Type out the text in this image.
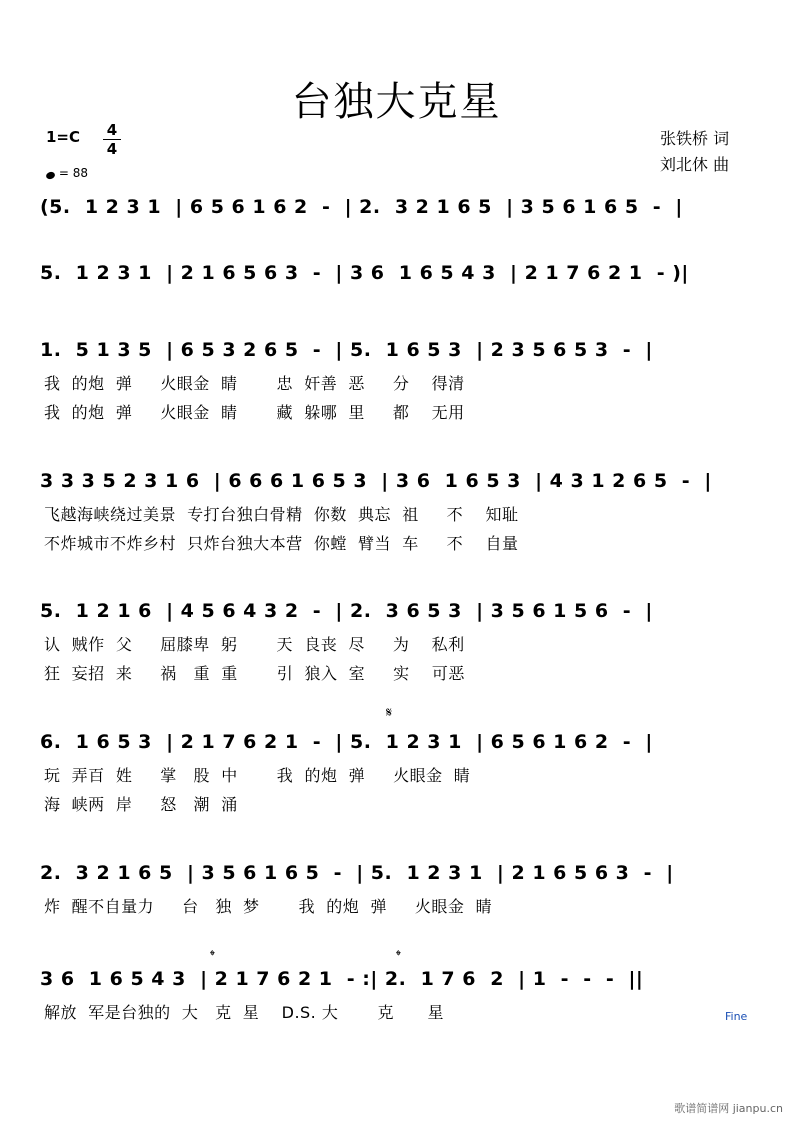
台独大克星
1=C 4
4
= 88
张铁桥 词
刘北休 曲
(5.  1 2 3 1  | 6 5 6 1 6 2  -  | 2.  3 2 1 6 5  | 3 5 6 1 6 5  -  |
5.  1 2 3 1  | 2 1 6 5 6 3  -  | 3 6  1 6 5 4 3  | 2 1 7 6 2 1  - )|
1.  5 1 3 5  | 6 5 3 2 6 5  -  | 5.  1 6 5 3  | 2 3 5 6 5 3  -  |
我  的炮  弹     火眼金  睛       忠  奸善  恶     分    得清
我  的炮  弹     火眼金  睛       藏  躲哪  里     都    无用
3 3 3 5 2 3 1 6  | 6 6 6 1 6 5 3  | 3 6  1 6 5 3  | 4 3 1 2 6 5  -  |
飞越海峡绕过美景  专打台独白骨精  你数  典忘  祖     不    知耻
不炸城市不炸乡村  只炸台独大本营  你螳  臂当  车     不    自量
5.  1 2 1 6  | 4 5 6 4 3 2  -  | 2.  3 6 5 3  | 3 5 6 1 5 6  -  |
认  贼作  父     屈膝卑  躬       天  良丧  尽     为    私利
狂  妄招  来     祸   重  重       引  狼入  室     实    可恶
𝄋
6.  1 6 5 3  | 2 1 7 6 2 1  -  | 5.  1 2 3 1  | 6 5 6 1 6 2  -  |
玩  弄百  姓     掌   股  中       我  的炮  弹     火眼金  睛
海  峡两  岸     怒   潮  涌
2.  3 2 1 6 5  | 3 5 6 1 6 5  -  | 5.  1 2 3 1  | 2 1 6 5 6 3  -  |
炸  醒不自量力     台   独  梦       我  的炮  弹     火眼金  睛
𝄌	𝄌
3 6  1 6 5 4 3  | 2 1 7 6 2 1  - :| 2.  1 7 6  2  | 1  -  -  -  ||
解放  军是台独的  大   克  星    D.S. 大       克      星	Fine
歌谱简谱网 jianpu.cn
